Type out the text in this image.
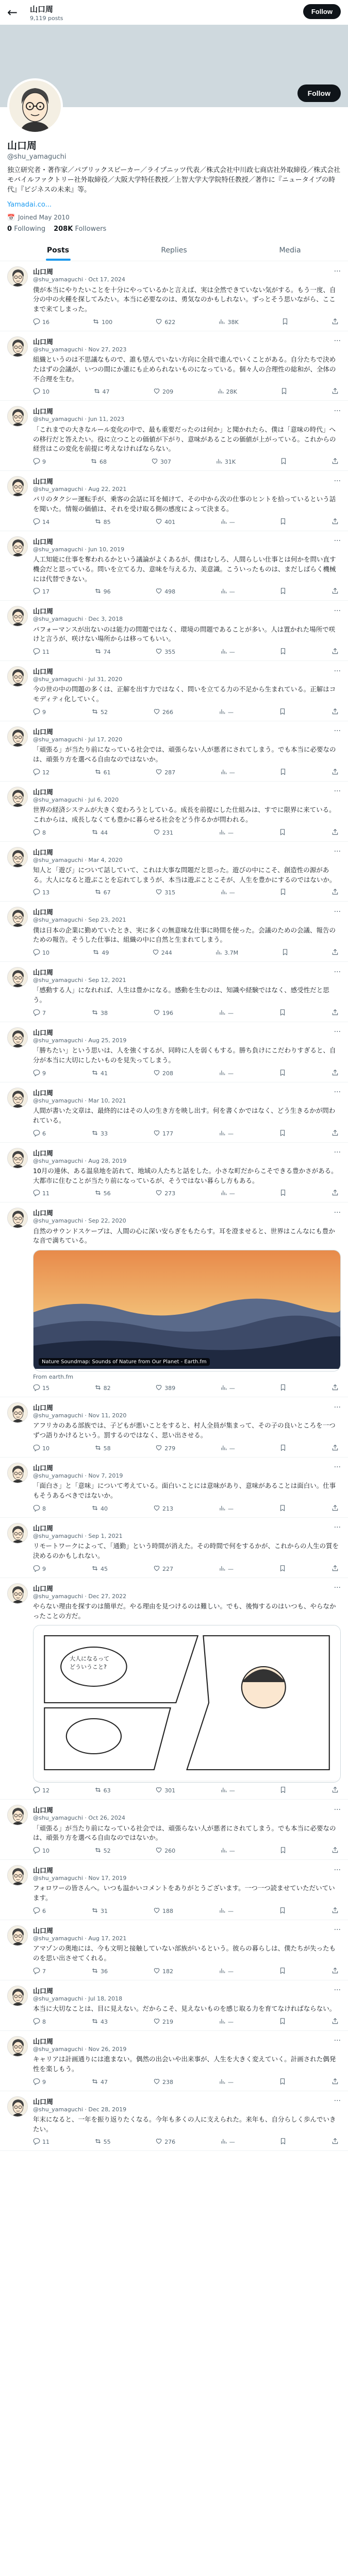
←	山口周
9,119 posts
Follow
Follow
山口周
@shu_yamaguchi
独立研究者・著作家／パブリックスピーカー／ライプニッツ代表／株式会社中川政七商店社外取締役／株式会社モバイルファクトリー社外取締役／大阪大学特任教授／上智大学大学院特任教授／著作に『ニュータイプの時代』『ビジネスの未来』等。
Yamadai.co...
📅 Joined May 2010
0 Following 208K Followers
Posts	Replies	Media
山口周	···
@shu_yamaguchi · Oct 17, 2024
僕が本当にやりたいことを十分にやっているかと言えば、実は全然できていない気がする。もう一度、自分の中の火種を探してみたい。本当に必要なのは、勇気なのかもしれない。ずっとそう思いながら、ここまで来てしまった。
16	100	622	38K
山口周	···
@shu_yamaguchi · Nov 27, 2023
組織というのは不思議なもので、誰も望んでいない方向に全員で進んでいくことがある。自分たちで決めたはずの会議が、いつの間にか誰にも止められないものになっている。個々人の合理性の総和が、全体の不合理を生む。
10	47	209	28K
山口周	···
@shu_yamaguchi · Jun 11, 2023
「これまでの大きなルール変化の中で、最も重要だったのは何か」と聞かれたら、僕は「意味の時代」への移行だと答えたい。役に立つことの価値が下がり、意味があることの価値が上がっている。これからの経営はこの変化を前提に考えなければならない。
9	68	307	31K
山口周	···
@shu_yamaguchi · Aug 22, 2021
パリのタクシー運転手が、乗客の会話に耳を傾けて、その中から次の仕事のヒントを拾っているという話を聞いた。情報の価値は、それを受け取る側の感度によって決まる。
14	85	401	—
山口周	···
@shu_yamaguchi · Jun 10, 2019
人工知能に仕事を奪われるかという議論がよくあるが、僕はむしろ、人間らしい仕事とは何かを問い直す機会だと思っている。問いを立てる力、意味を与える力、美意識。こういったものは、まだしばらく機械には代替できない。
17	96	498	—
山口周	···
@shu_yamaguchi · Dec 3, 2018
パフォーマンスが出ないのは能力の問題ではなく、環境の問題であることが多い。人は置かれた場所で咲けと言うが、咲けない場所からは移ってもいい。
11	74	355	—
山口周	···
@shu_yamaguchi · Jul 31, 2020
今の世の中の問題の多くは、正解を出す力ではなく、問いを立てる力の不足から生まれている。正解はコモディティ化していく。
9	52	266	—
山口周	···
@shu_yamaguchi · Jul 17, 2020
「頑張る」が当たり前になっている社会では、頑張らない人が悪者にされてしまう。でも本当に必要なのは、頑張り方を選べる自由なのではないか。
12	61	287	—
山口周	···
@shu_yamaguchi · Jul 6, 2020
世界の経済システムが大きく変わろうとしている。成長を前提にした仕組みは、すでに限界に来ている。これからは、成長しなくても豊かに暮らせる社会をどう作るかが問われる。
8	44	231	—
山口周	···
@shu_yamaguchi · Mar 4, 2020
知人と「遊び」について話していて、これは大事な問題だと思った。遊びの中にこそ、創造性の源がある。大人になると遊ぶことを忘れてしまうが、本当は遊ぶことこそが、人生を豊かにするのではないか。
13	67	315	—
山口周	···
@shu_yamaguchi · Sep 23, 2021
僕は日本の企業に勤めていたとき、実に多くの無意味な仕事に時間を使った。会議のための会議、報告のための報告。そうした仕事は、組織の中に自然と生まれてしまう。
10	49	244	3.7M
山口周	···
@shu_yamaguchi · Sep 12, 2021
「感動する人」になれれば、人生は豊かになる。感動を生むのは、知識や経験ではなく、感受性だと思う。
7	38	196	—
山口周	···
@shu_yamaguchi · Aug 25, 2019
「勝ちたい」という思いは、人を強くするが、同時に人を弱くもする。勝ち負けにこだわりすぎると、自分が本当に大切にしたいものを見失ってしまう。
9	41	208	—
山口周	···
@shu_yamaguchi · Mar 10, 2021
人間が書いた文章は、最終的にはその人の生き方を映し出す。何を書くかではなく、どう生きるかが問われている。
6	33	177	—
山口周	···
@shu_yamaguchi · Aug 28, 2019
10月の連休、ある温泉地を訪れて、地域の人たちと話をした。小さな町だからこそできる豊かさがある。大都市に住むことが当たり前になっているが、そうではない暮らし方もある。
11	56	273	—
山口周	···
@shu_yamaguchi · Sep 22, 2020
自然のサウンドスケープは、人間の心に深い安らぎをもたらす。耳を澄ませると、世界はこんなにも豊かな音で満ちている。
Nature Soundmap: Sounds of Nature from Our Planet - Earth.fm
From earth.fm
15	82	389	—
山口周	···
@shu_yamaguchi · Nov 11, 2020
アフリカのある部族では、子どもが悪いことをすると、村人全員が集まって、その子の良いところを一つずつ語りかけるという。罰するのではなく、思い出させる。
10	58	279	—
山口周	···
@shu_yamaguchi · Nov 7, 2019
「面白さ」と「意味」について考えている。面白いことには意味があり、意味があることは面白い。仕事もそうあるべきではないか。
8	40	213	—
山口周	···
@shu_yamaguchi · Sep 1, 2021
リモートワークによって、「通勤」という時間が消えた。その時間で何をするかが、これからの人生の質を決めるのかもしれない。
9	45	227	—
山口周	···
@shu_yamaguchi · Dec 27, 2022
やらない理由を探すのは簡単だ。やる理由を見つけるのは難しい。でも、後悔するのはいつも、やらなかったことの方だ。
大人になるって
どういうこと?
12	63	301	—
山口周	···
@shu_yamaguchi · Oct 26, 2024
「頑張る」が当たり前になっている社会では、頑張らない人が悪者にされてしまう。でも本当に必要なのは、頑張り方を選べる自由なのではないか。
10	52	260	—
山口周	···
@shu_yamaguchi · Nov 17, 2019
フォロワーの皆さんへ。いつも温かいコメントをありがとうございます。一つ一つ読ませていただいています。
6	31	188	—
山口周	···
@shu_yamaguchi · Aug 17, 2021
アマゾンの奥地には、今も文明と接触していない部族がいるという。彼らの暮らしは、僕たちが失ったものを思い出させてくれる。
7	36	182	—
山口周	···
@shu_yamaguchi · Jul 18, 2018
本当に大切なことは、目に見えない。だからこそ、見えないものを感じ取る力を育てなければならない。
8	43	219	—
山口周	···
@shu_yamaguchi · Nov 26, 2019
キャリアは計画通りには進まない。偶然の出会いや出来事が、人生を大きく変えていく。計画された偶発性を楽しもう。
9	47	238	—
山口周	···
@shu_yamaguchi · Dec 28, 2019
年末になると、一年を振り返りたくなる。今年も多くの人に支えられた。来年も、自分らしく歩んでいきたい。
11	55	276	—
